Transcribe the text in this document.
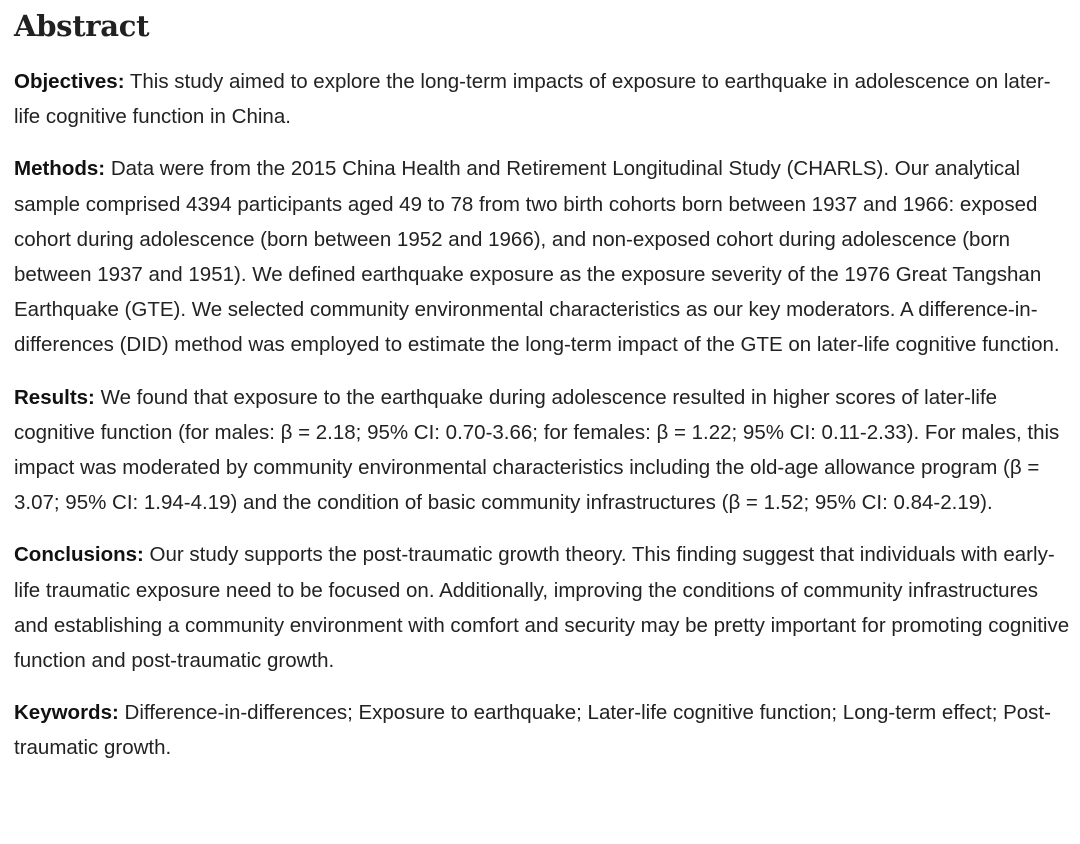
Abstract

Objectives: This study aimed to explore the long-term impacts of exposure to earthquake in adolescence on later-life cognitive function in China.

Methods: Data were from the 2015 China Health and Retirement Longitudinal Study (CHARLS). Our analytical sample comprised 4394 participants aged 49 to 78 from two birth cohorts born between 1937 and 1966: exposed cohort during adolescence (born between 1952 and 1966), and non-exposed cohort during adolescence (born between 1937 and 1951). We defined earthquake exposure as the exposure severity of the 1976 Great Tangshan Earthquake (GTE). We selected community environmental characteristics as our key moderators. A difference-in-differences (DID) method was employed to estimate the long-term impact of the GTE on later-life cognitive function.

Results: We found that exposure to the earthquake during adolescence resulted in higher scores of later-life cognitive function (for males: β = 2.18; 95% CI: 0.70-3.66; for females: β = 1.22; 95% CI: 0.11-2.33). For males, this impact was moderated by community environmental characteristics including the old-age allowance program (β = 3.07; 95% CI: 1.94-4.19) and the condition of basic community infrastructures (β = 1.52; 95% CI: 0.84-2.19).

Conclusions: Our study supports the post-traumatic growth theory. This finding suggest that individuals with early-life traumatic exposure need to be focused on. Additionally, improving the conditions of community infrastructures and establishing a community environment with comfort and security may be pretty important for promoting cognitive function and post-traumatic growth.

Keywords: Difference-in-differences; Exposure to earthquake; Later-life cognitive function; Long-term effect; Post-traumatic growth.
